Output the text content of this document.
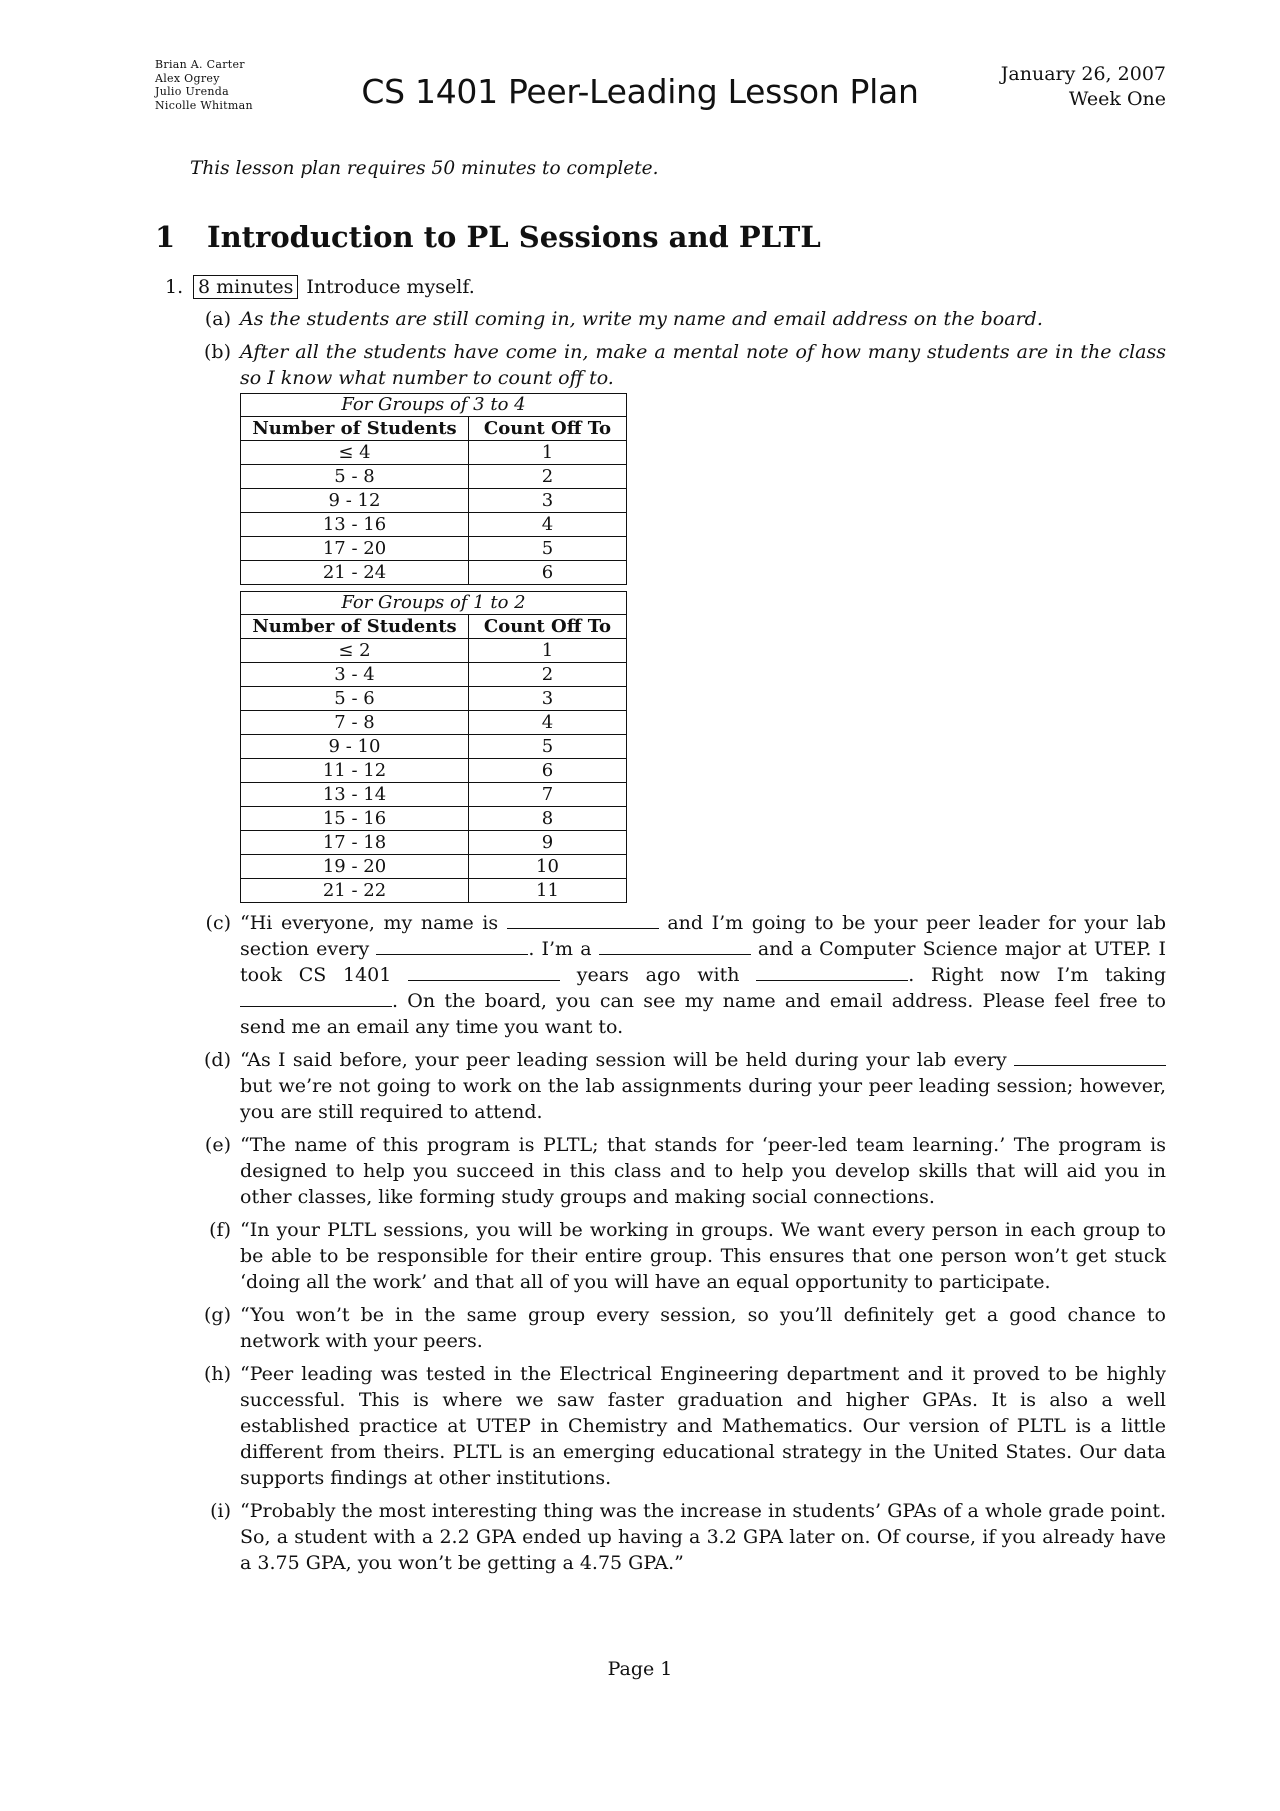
Brian A. Carter
Alex Ogrey
Julio Urenda
Nicolle Whitman	CS 1401 Peer-Leading Lesson Plan	January 26, 2007
Week One
This lesson plan requires 50 minutes to complete.
1 Introduction to PL Sessions and PLTL
1. 8 minutes Introduce myself.
(a) As the students are still coming in, write my name and email address on the board.
(b) After all the students have come in, make a mental note of how many students are in the class so I know what number to count off to.
For Groups of 3 to 4
Number of Students	Count Off To
≤ 4	1
5 - 8	2
9 - 12	3
13 - 16	4
17 - 20	5
21 - 24	6
For Groups of 1 to 2
Number of Students	Count Off To
≤ 2	1
3 - 4	2
5 - 6	3
7 - 8	4
9 - 10	5
11 - 12	6
13 - 14	7
15 - 16	8
17 - 18	9
19 - 20	10
21 - 22	11
(c) “Hi everyone, my name is	and I’m going to be your peer leader for your lab section every	. I’m a	and a Computer Science major at UTEP. I took CS 1401	years ago with	. Right now I’m taking . On the board, you can see my name and email address. Please feel free to send me an email any time you want to.
(d) “As I said before, your peer leading session will be held during your lab every but we’re not going to work on the lab assignments during your peer leading session; however, you are still required to attend.
(e) “The name of this program is PLTL; that stands for ‘peer-led team learning.’ The program is designed to help you succeed in this class and to help you develop skills that will aid you in other classes, like forming study groups and making social connections.
(f) “In your PLTL sessions, you will be working in groups. We want every person in each group to be able to be responsible for their entire group. This ensures that one person won’t get stuck ‘doing all the work’ and that all of you will have an equal opportunity to participate.
(g) “You won’t be in the same group every session, so you’ll definitely get a good chance to network with your peers.
(h) “Peer leading was tested in the Electrical Engineering department and it proved to be highly successful. This is where we saw faster graduation and higher GPAs. It is also a well established practice at UTEP in Chemistry and Mathematics. Our version of PLTL is a little different from theirs. PLTL is an emerging educational strategy in the United States. Our data supports findings at other institutions.
(i) “Probably the most interesting thing was the increase in students’ GPAs of a whole grade point. So, a student with a 2.2 GPA ended up having a 3.2 GPA later on. Of course, if you already have a 3.75 GPA, you won’t be getting a 4.75 GPA.”
Page 1
